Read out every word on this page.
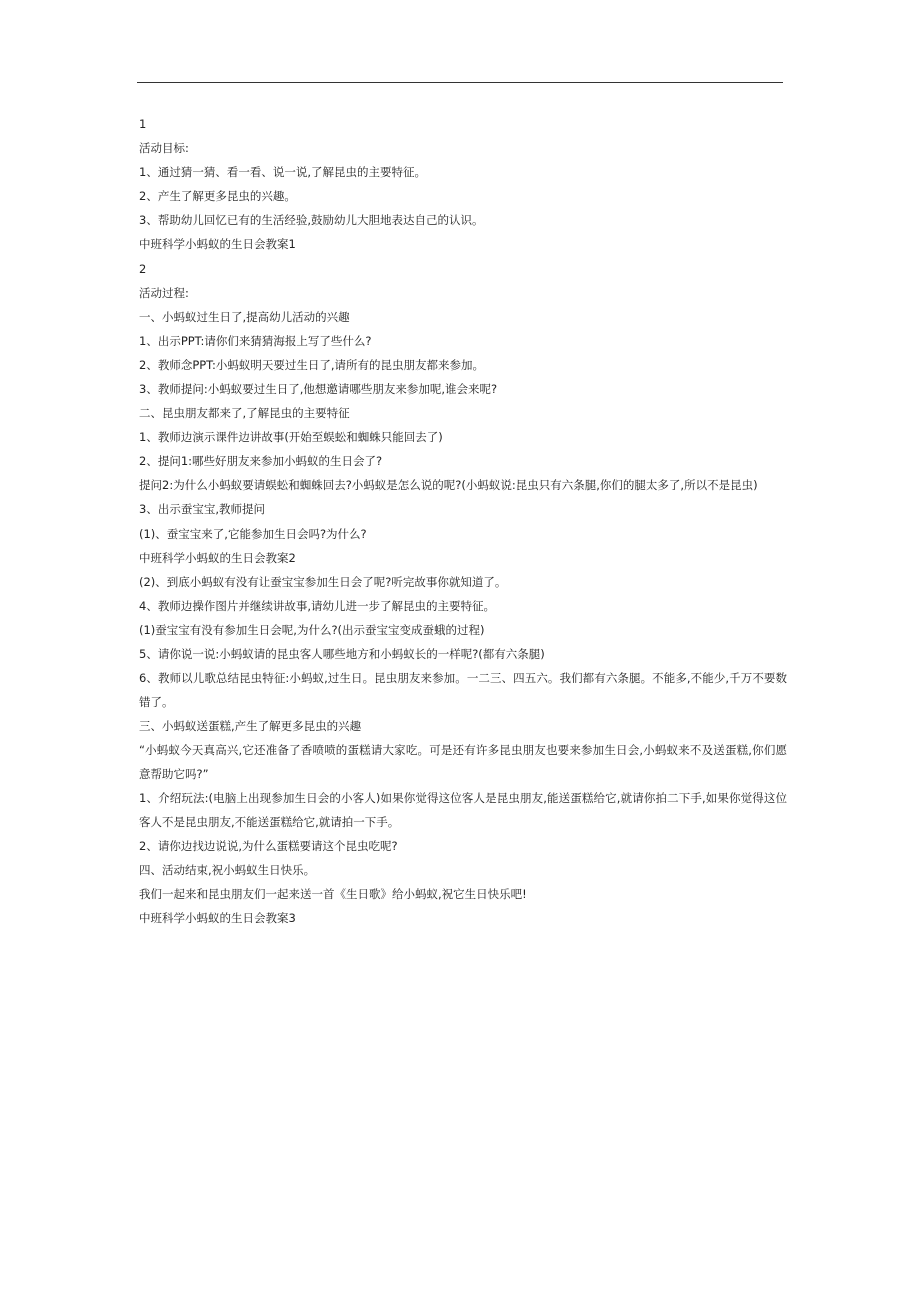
1

活动目标:

1、通过猜一猜、看一看、说一说,了解昆虫的主要特征。

2、产生了解更多昆虫的兴趣。

3、帮助幼儿回忆已有的生活经验,鼓励幼儿大胆地表达自己的认识。

中班科学小蚂蚁的生日会教案1

2

活动过程:

一、小蚂蚁过生日了,提高幼儿活动的兴趣

1、出示PPT:请你们来猜猜海报上写了些什么?

2、教师念PPT:小蚂蚁明天要过生日了,请所有的昆虫朋友都来参加。

3、教师提问:小蚂蚁要过生日了,他想邀请哪些朋友来参加呢,谁会来呢?

二、昆虫朋友都来了,了解昆虫的主要特征

1、教师边演示课件边讲故事(开始至蜈蚣和蜘蛛只能回去了)

2、提问1:哪些好朋友来参加小蚂蚁的生日会了?

提问2:为什么小蚂蚁要请蜈蚣和蜘蛛回去?小蚂蚁是怎么说的呢?(小蚂蚁说:昆虫只有六条腿,你们的腿太多了,所以不是昆虫)

3、出示蚕宝宝,教师提问

(1)、蚕宝宝来了,它能参加生日会吗?为什么?

中班科学小蚂蚁的生日会教案2

(2)、到底小蚂蚁有没有让蚕宝宝参加生日会了呢?听完故事你就知道了。

4、教师边操作图片并继续讲故事,请幼儿进一步了解昆虫的主要特征。

(1)蚕宝宝有没有参加生日会呢,为什么?(出示蚕宝宝变成蚕蛾的过程)

5、请你说一说:小蚂蚁请的昆虫客人哪些地方和小蚂蚁长的一样呢?(都有六条腿)

6、教师以儿歌总结昆虫特征:小蚂蚁,过生日。昆虫朋友来参加。一二三、四五六。我们都有六条腿。不能多,不能少,千万不要数错了。

三、小蚂蚁送蛋糕,产生了解更多昆虫的兴趣

“小蚂蚁今天真高兴,它还准备了香喷喷的蛋糕请大家吃。可是还有许多昆虫朋友也要来参加生日会,小蚂蚁来不及送蛋糕,你们愿意帮助它吗?”

1、介绍玩法:(电脑上出现参加生日会的小客人)如果你觉得这位客人是昆虫朋友,能送蛋糕给它,就请你拍二下手,如果你觉得这位客人不是昆虫朋友,不能送蛋糕给它,就请拍一下手。

2、请你边找边说说,为什么蛋糕要请这个昆虫吃呢?

四、活动结束,祝小蚂蚁生日快乐。

我们一起来和昆虫朋友们一起来送一首《生日歌》给小蚂蚁,祝它生日快乐吧!

中班科学小蚂蚁的生日会教案3
